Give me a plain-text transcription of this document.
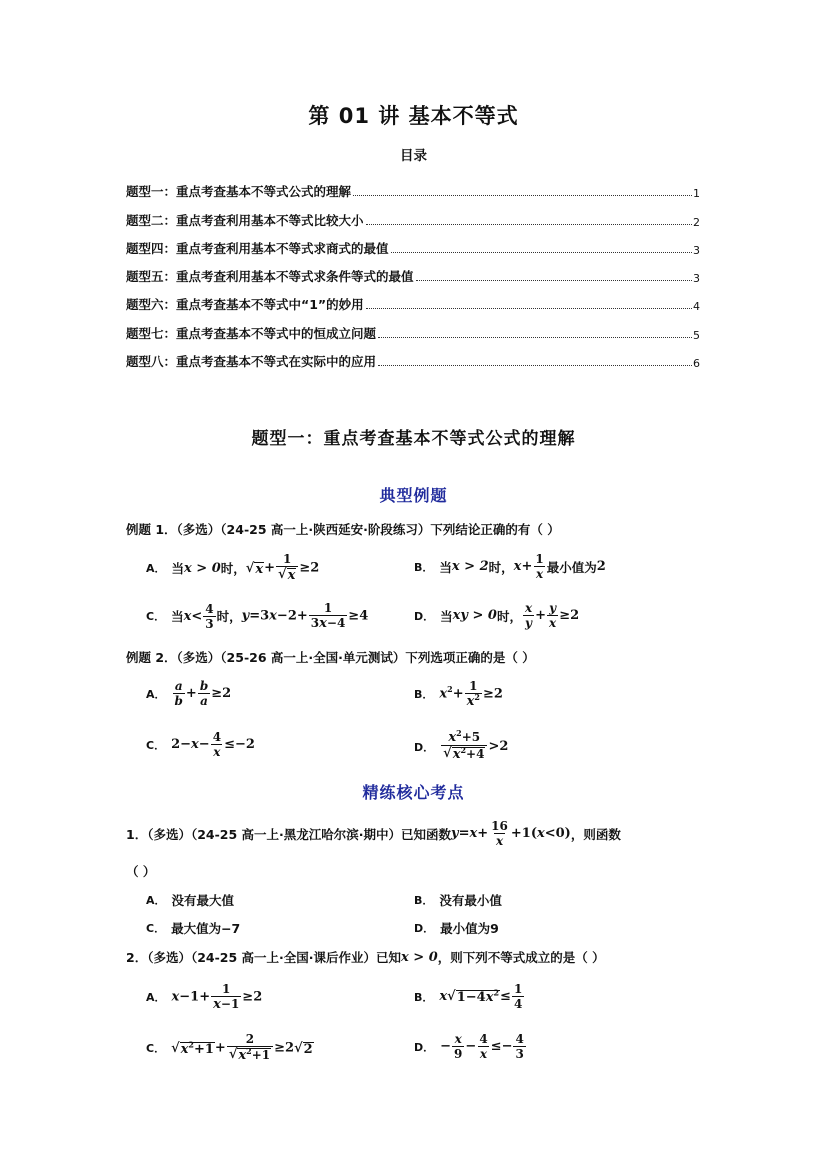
第 01 讲 基本不等式
目录
题型一：重点考查基本不等式公式的理解	1
题型二：重点考查利用基本不等式比较大小	2
题型四：重点考查利用基本不等式求商式的最值	3
题型五：重点考查利用基本不等式求条件等式的最值	3
题型六：重点考查基本不等式中“1”的妙用	4
题型七：重点考查基本不等式中的恒成立问题	5
题型八：重点考查基本不等式在实际中的应用	6
题型一：重点考查基本不等式公式的理解
典型例题
例题 1．（多选）（24-25 高一上·陕西延安·阶段练习）下列结论正确的有（ ）
A． 当 x > 0 时， √ $x + \frac{1}{√ x} \ge 2$	B． 当 x > 2 时， $x+ \frac{1}{x}$ 最小值为 2
C． 当 $x< \frac{4}{3}$ 时， $y=3x-2+ \frac{1}{3x-4} \ge 4$	D． 当 xy > 0 时， $\frac{x}{y} + \frac{y}{x} \ge 2$
例题 2．（多选）（25-26 高一上·全国·单元测试）下列选项正确的是（ ）
A． $\frac{a}{b} + \frac{b}{a} \ge 2$	B． $x^2+ \frac{1}{x^2} \ge 2$
C． $2-x- \frac{4}{x} \le-2$	D． $\frac{x^2+5}{√ x^2+4} >2$
精练核心考点
1．（多选）（24-25 高一上·黑龙江哈尔滨·期中）已知函数 $y=x+ \frac{16}{x} +1(x<0)$ ，则函数
（ ）
A． 没有最大值	B． 没有最小值
C． 最大值为−7	D． 最小值为9
2．（多选）（24-25 高一上·全国·课后作业）已知 x > 0 ，则下列不等式成立的是（ ）
A． $x-1+ \frac{1}{x-1} \ge 2$	B． x √ $1-4x^2 \le \frac{1}{4}$
C． √ $x^2+1 + \frac{2}{√ x^2+1} \ge 2$ √ 2	D． − $\frac{x}{9} - \frac{4}{x} \le- \frac{4}{3}$
